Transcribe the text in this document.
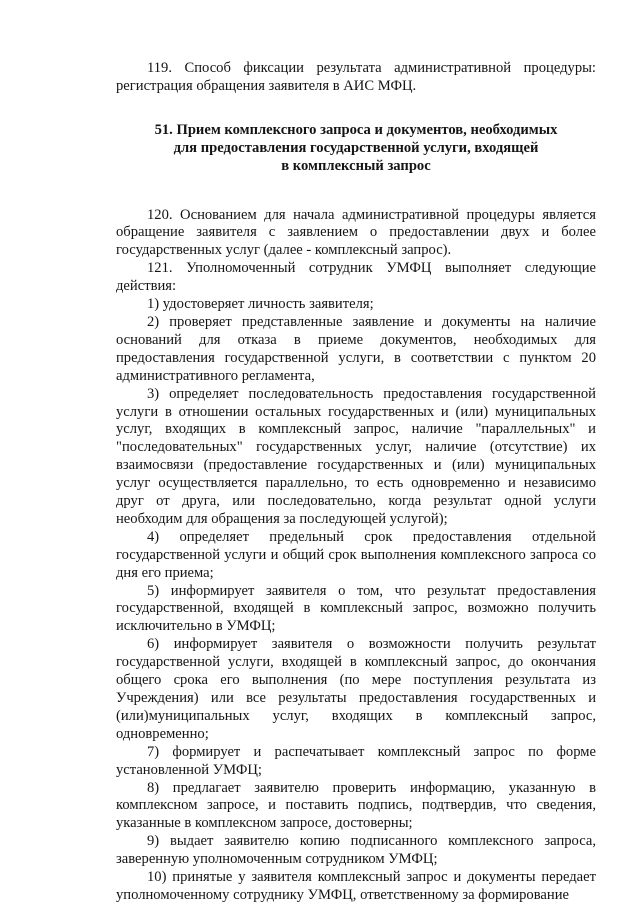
119. Способ фиксации результата административной процедуры: регистрация обращения заявителя в АИС МФЦ.

51. Прием комплексного запроса и документов, необходимых
для предоставления государственной услуги, входящей
в комплексный запрос

120. Основанием для начала административной процедуры является обращение заявителя с заявлением о предоставлении двух и более государственных услуг (далее - комплексный запрос).

121. Уполномоченный сотрудник УМФЦ выполняет следующие действия:

1) удостоверяет личность заявителя;

2) проверяет представленные заявление и документы на наличие оснований для отказа в приеме документов, необходимых для предоставления государственной услуги, в соответствии с пунктом 20 административного регламента,

3) определяет последовательность предоставления государственной услуги в отношении остальных государственных и (или) муниципальных услуг, входящих в комплексный запрос, наличие "параллельных" и "последовательных" государственных услуг, наличие (отсутствие) их взаимосвязи (предоставление государственных и (или) муниципальных услуг осуществляется параллельно, то есть одновременно и независимо друг от друга, или последовательно, когда результат одной услуги необходим для обращения за последующей услугой);

4) определяет предельный срок предоставления отдельной государственной услуги и общий срок выполнения комплексного запроса со дня его приема;

5) информирует заявителя о том, что результат предоставления государственной, входящей в комплексный запрос, возможно получить исключительно в УМФЦ;

6) информирует заявителя о возможности получить результат государственной услуги, входящей в комплексный запрос, до окончания общего срока его выполнения (по мере поступления результата из Учреждения) или все результаты предоставления государственных и (или)муниципальных услуг, входящих в комплексный запрос, одновременно;

7) формирует и распечатывает комплексный запрос по форме установленной УМФЦ;

8) предлагает заявителю проверить информацию, указанную в комплексном запросе, и поставить подпись, подтвердив, что сведения, указанные в комплексном запросе, достоверны;

9) выдает заявителю копию подписанного комплексного запроса, заверенную уполномоченным сотрудником УМФЦ;

10) принятые у заявителя комплексный запрос и документы передает уполномоченному сотруднику УМФЦ, ответственному за формирование
